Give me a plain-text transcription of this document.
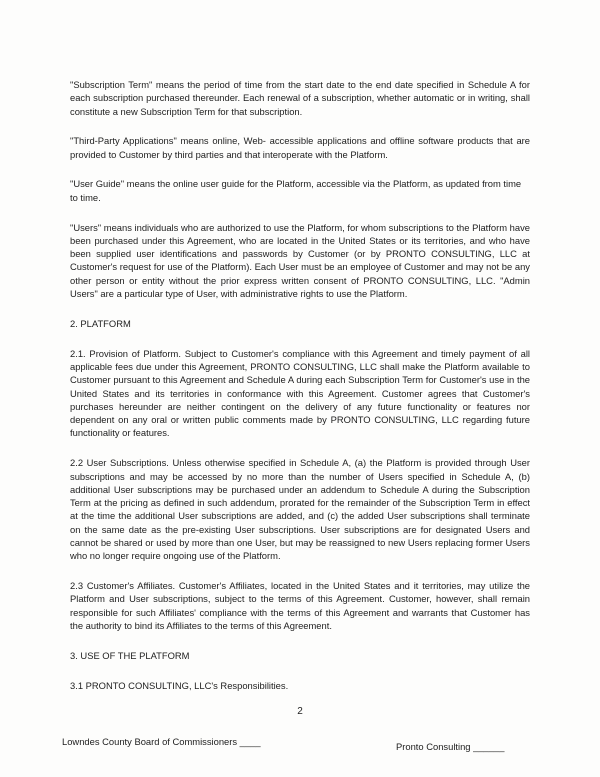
"Subscription Term" means the period of time from the start date to the end date specified in Schedule A for each subscription purchased thereunder. Each renewal of a subscription, whether automatic or in writing, shall constitute a new Subscription Term for that subscription.

"Third-Party Applications" means online, Web- accessible applications and offline software products that are provided to Customer by third parties and that interoperate with the Platform.

"User Guide" means the online user guide for the Platform, accessible via the Platform, as updated from time to time.

"Users" means individuals who are authorized to use the Platform, for whom subscriptions to the Platform have been purchased under this Agreement, who are located in the United States or its territories, and who have been supplied user identifications and passwords by Customer (or by PRONTO CONSULTING, LLC at Customer's request for use of the Platform). Each User must be an employee of Customer and may not be any other person or entity without the prior express written consent of PRONTO CONSULTING, LLC. "Admin Users" are a particular type of User, with administrative rights to use the Platform.

2. PLATFORM

2.1. Provision of Platform. Subject to Customer's compliance with this Agreement and timely payment of all applicable fees due under this Agreement, PRONTO CONSULTING, LLC shall make the Platform available to Customer pursuant to this Agreement and Schedule A during each Subscription Term for Customer's use in the United States and its territories in conformance with this Agreement. Customer agrees that Customer's purchases hereunder are neither contingent on the delivery of any future functionality or features nor dependent on any oral or written public comments made by PRONTO CONSULTING, LLC regarding future functionality or features.

2.2 User Subscriptions. Unless otherwise specified in Schedule A, (a) the Platform is provided through User subscriptions and may be accessed by no more than the number of Users specified in Schedule A, (b) additional User subscriptions may be purchased under an addendum to Schedule A during the Subscription Term at the pricing as defined in such addendum, prorated for the remainder of the Subscription Term in effect at the time the additional User subscriptions are added, and (c) the added User subscriptions shall terminate on the same date as the pre-existing User subscriptions. User subscriptions are for designated Users and cannot be shared or used by more than one User, but may be reassigned to new Users replacing former Users who no longer require ongoing use of the Platform.

2.3 Customer's Affiliates. Customer's Affiliates, located in the United States and it territories, may utilize the Platform and User subscriptions, subject to the terms of this Agreement. Customer, however, shall remain responsible for such Affiliates' compliance with the terms of this Agreement and warrants that Customer has the authority to bind its Affiliates to the terms of this Agreement.

3. USE OF THE PLATFORM

3.1 PRONTO CONSULTING, LLC's Responsibilities.

2
Lowndes County Board of Commissioners ____	Pronto Consulting ______
